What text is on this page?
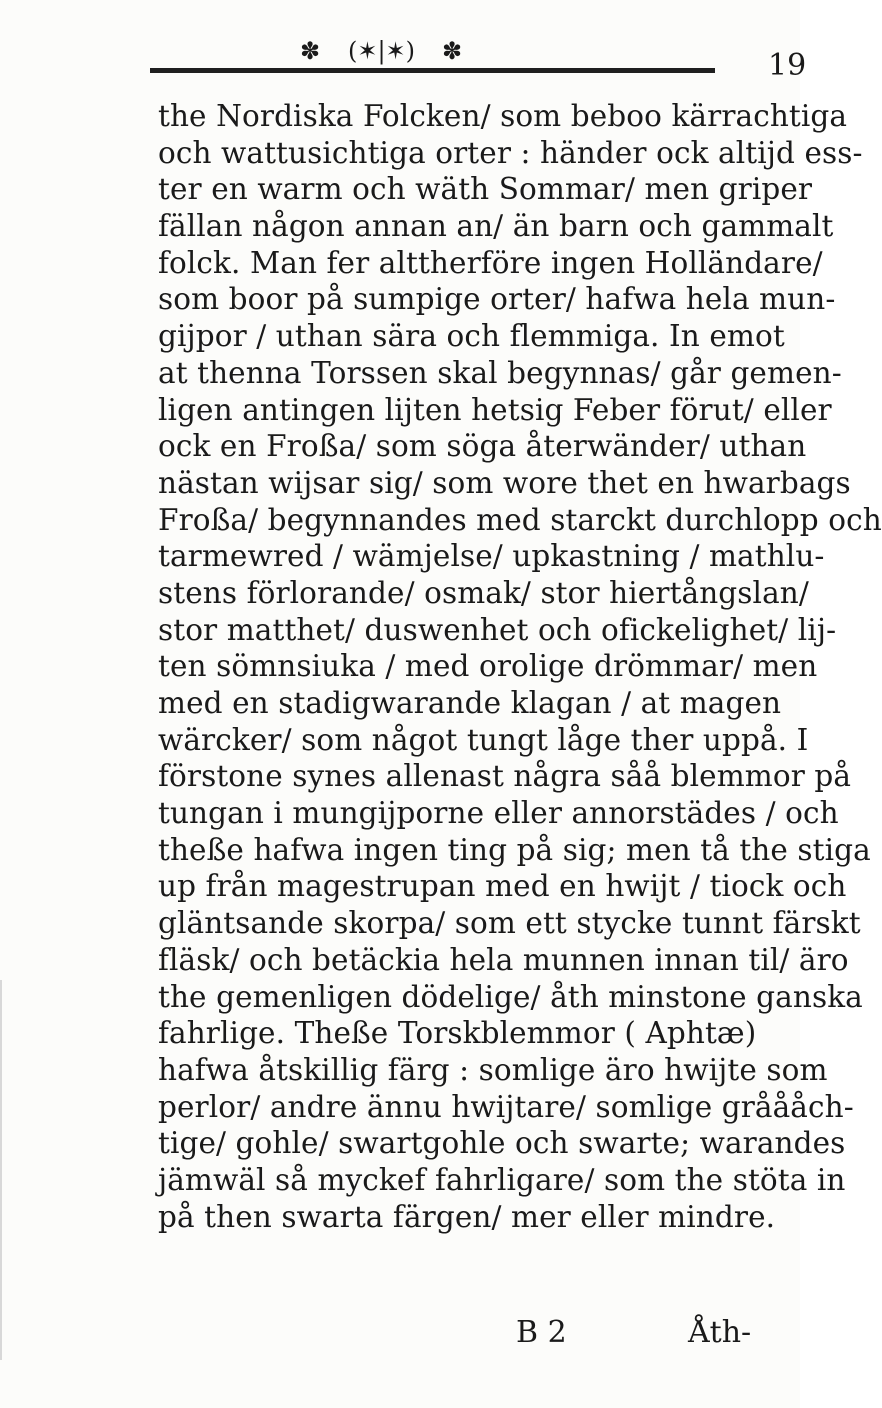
✽ (✶|✶) ✽	19
the Nordiska Folcken/ som beboo kärrachtiga
och wattusichtiga orter : händer ock altijd ess-
ter en warm och wäth Sommar/ men griper
fällan någon annan an/ än barn och gammalt
folck. Man fer alttherföre ingen Holländare/
som boor på sumpige orter/ hafwa hela mun-
gijpor / uthan sära och flemmiga. In emot
at thenna Torssen skal begynnas/ går gemen-
ligen antingen lijten hetsig Feber förut/ eller
ock en Froßa/ som söga återwänder/ uthan
nästan wijsar sig/ som wore thet en hwarbags
Froßa/ begynnandes med starckt durchlopp och
tarmewred / wämjelse/ upkastning / mathlu-
stens förlorande/ osmak/ stor hiertångslan/
stor matthet/ duswenhet och ofickelighet/ lij-
ten sömnsiuka / med orolige drömmar/ men
med en stadigwarande klagan / at magen
wärcker/ som något tungt låge ther uppå. I
förstone synes allenast några såå blemmor på
tungan i mungijporne eller annorstädes / och
theße hafwa ingen ting på sig; men tå the stiga
up från magestrupan med en hwijt / tiock och
gläntsande skorpa/ som ett stycke tunnt färskt
fläsk/ och betäckia hela munnen innan til/ äro
the gemenligen dödelige/ åth minstone ganska
fahrlige. Theße Torskblemmor ( Aphtæ)
hafwa åtskillig färg : somlige äro hwijte som
perlor/ andre ännu hwijtare/ somlige gråååch-
tige/ gohle/ swartgohle och swarte; warandes
jämwäl så myckef fahrligare/ som the stöta in
på then swarta färgen/ mer eller mindre.
B 2	Åth-
